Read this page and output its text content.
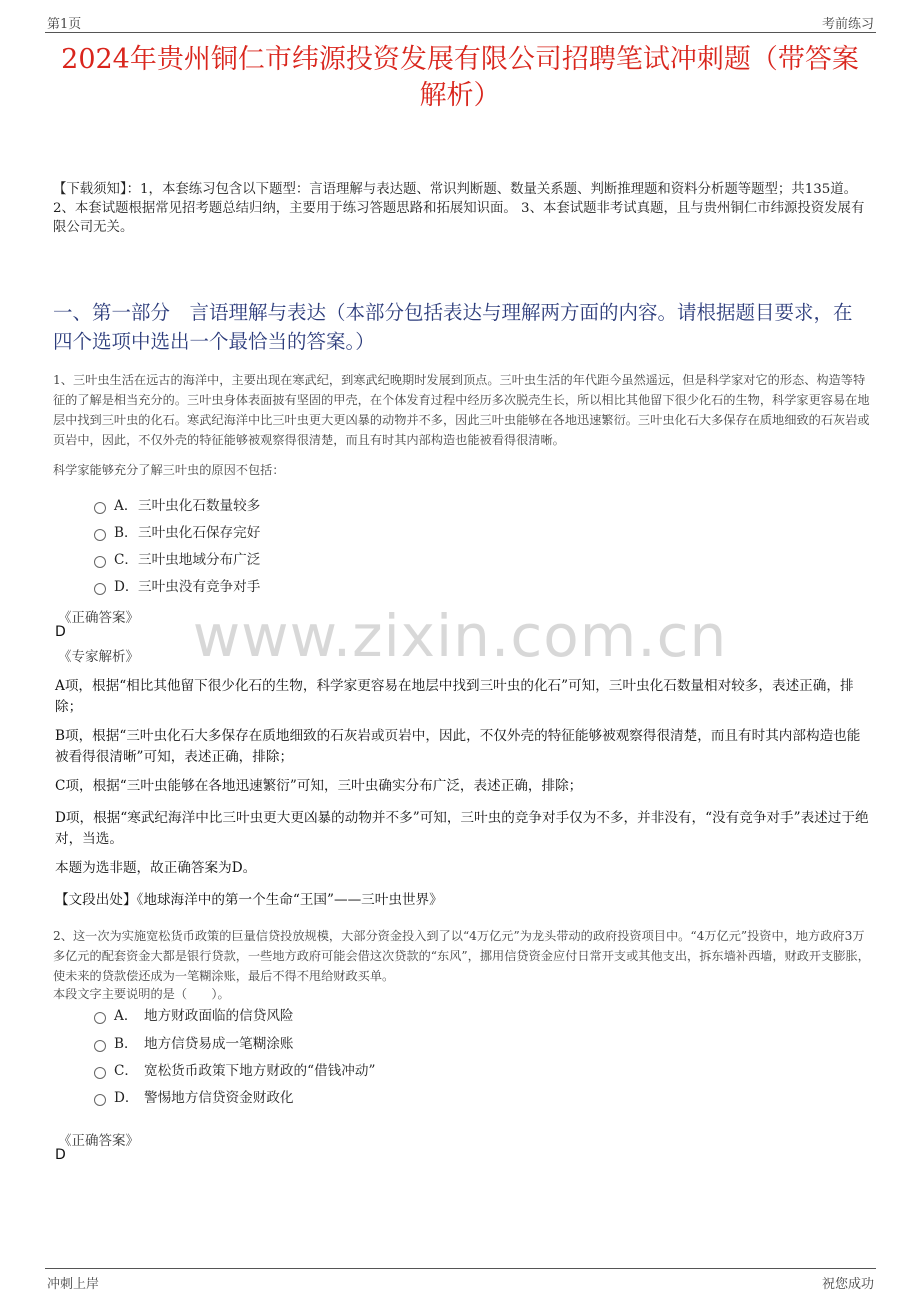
第1页	考前练习
2024年贵州铜仁市纬源投资发展有限公司招聘笔试冲刺题（带答案解析）
【下载须知】：1，本套练习包含以下题型：言语理解与表达题、常识判断题、数量关系题、判断推理题和资料分析题等题型；共135道。 2、本套试题根据常见招考题总结归纳，主要用于练习答题思路和拓展知识面。 3、本套试题非考试真题，且与贵州铜仁市纬源投资发展有限公司无关。
一、第一部分　言语理解与表达（本部分包括表达与理解两方面的内容。请根据题目要求，在四个选项中选出一个最恰当的答案。）
1、三叶虫生活在远古的海洋中，主要出现在寒武纪，到寒武纪晚期时发展到顶点。三叶虫生活的年代距今虽然遥远，但是科学家对它的形态、构造等特征的了解是相当充分的。三叶虫身体表面披有坚固的甲壳，在个体发育过程中经历多次脱壳生长，所以相比其他留下很少化石的生物，科学家更容易在地层中找到三叶虫的化石。寒武纪海洋中比三叶虫更大更凶暴的动物并不多，因此三叶虫能够在各地迅速繁衍。三叶虫化石大多保存在质地细致的石灰岩或页岩中，因此，不仅外壳的特征能够被观察得很清楚，而且有时其内部构造也能被看得很清晰。
科学家能够充分了解三叶虫的原因不包括：
A． 三叶虫化石数量较多
B． 三叶虫化石保存完好
C． 三叶虫地域分布广泛
D． 三叶虫没有竞争对手
《正确答案》
D
《专家解析》 www.zixin.com.cn
A项，根据“相比其他留下很少化石的生物，科学家更容易在地层中找到三叶虫的化石”可知，三叶虫化石数量相对较多，表述正确，排除；
B项，根据“三叶虫化石大多保存在质地细致的石灰岩或页岩中，因此，不仅外壳的特征能够被观察得很清楚，而且有时其内部构造也能被看得很清晰”可知，表述正确，排除；
C项，根据“三叶虫能够在各地迅速繁衍”可知，三叶虫确实分布广泛，表述正确，排除；
D项，根据“寒武纪海洋中比三叶虫更大更凶暴的动物并不多”可知，三叶虫的竞争对手仅为不多，并非没有，“没有竞争对手”表述过于绝对，当选。
本题为选非题，故正确答案为D。
【文段出处】《地球海洋中的第一个生命“王国”——三叶虫世界》
2、这一次为实施宽松货币政策的巨量信贷投放规模，大部分资金投入到了以“4万亿元”为龙头带动的政府投资项目中。“4万亿元”投资中，地方政府3万多亿元的配套资金大都是银行贷款，一些地方政府可能会借这次贷款的“东风”，挪用信贷资金应付日常开支或其他支出，拆东墙补西墙，财政开支膨胀，使未来的贷款偿还成为一笔糊涂账，最后不得不甩给财政买单。
本段文字主要说明的是（　　）。
A． 地方财政面临的信贷风险
B． 地方信贷易成一笔糊涂账
C． 宽松货币政策下地方财政的“借钱冲动”
D． 警惕地方信贷资金财政化
《正确答案》
D
冲刺上岸	祝您成功
